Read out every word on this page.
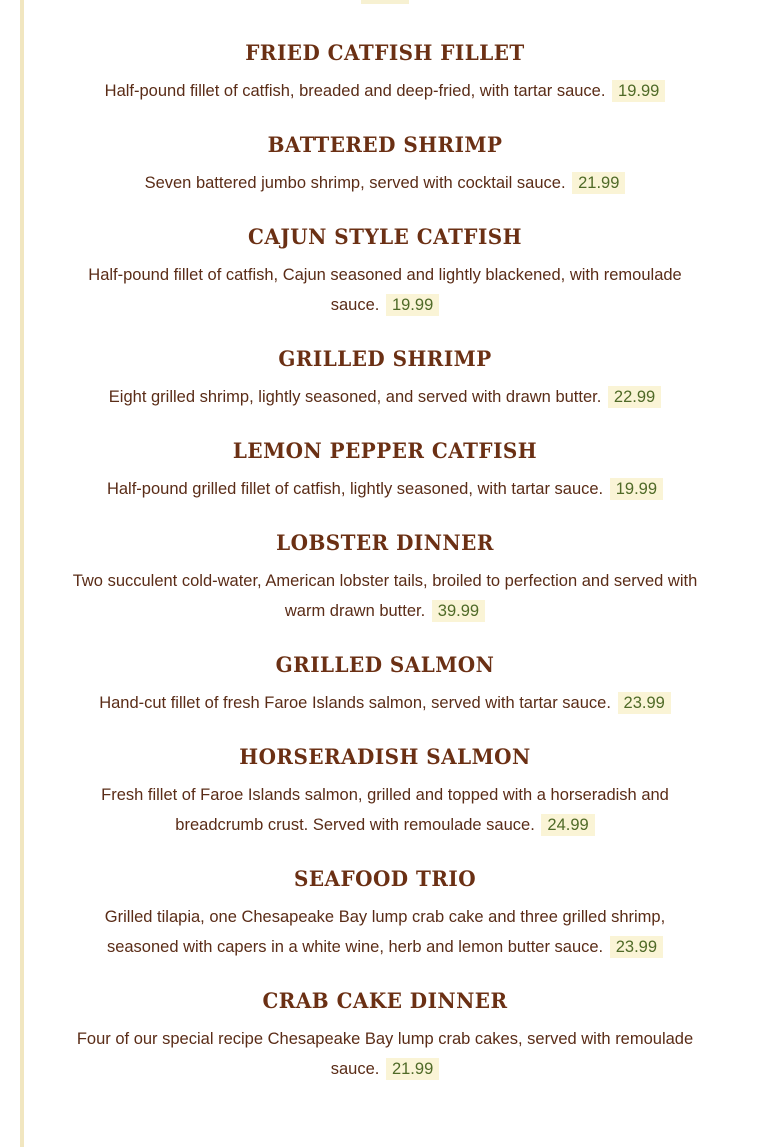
FRIED CATFISH FILLET

Half-pound fillet of catfish, breaded and deep-fried, with tartar sauce. 19.99

BATTERED SHRIMP

Seven battered jumbo shrimp, served with cocktail sauce. 21.99

CAJUN STYLE CATFISH

Half-pound fillet of catfish, Cajun seasoned and lightly blackened, with remoulade sauce. 19.99

GRILLED SHRIMP

Eight grilled shrimp, lightly seasoned, and served with drawn butter. 22.99

LEMON PEPPER CATFISH

Half-pound grilled fillet of catfish, lightly seasoned, with tartar sauce. 19.99

LOBSTER DINNER

Two succulent cold-water, American lobster tails, broiled to perfection and served with warm drawn butter. 39.99

GRILLED SALMON

Hand-cut fillet of fresh Faroe Islands salmon, served with tartar sauce. 23.99

HORSERADISH SALMON

Fresh fillet of Faroe Islands salmon, grilled and topped with a horseradish and breadcrumb crust. Served with remoulade sauce. 24.99

SEAFOOD TRIO

Grilled tilapia, one Chesapeake Bay lump crab cake and three grilled shrimp, seasoned with capers in a white wine, herb and lemon butter sauce. 23.99

CRAB CAKE DINNER

Four of our special recipe Chesapeake Bay lump crab cakes, served with remoulade sauce. 21.99
